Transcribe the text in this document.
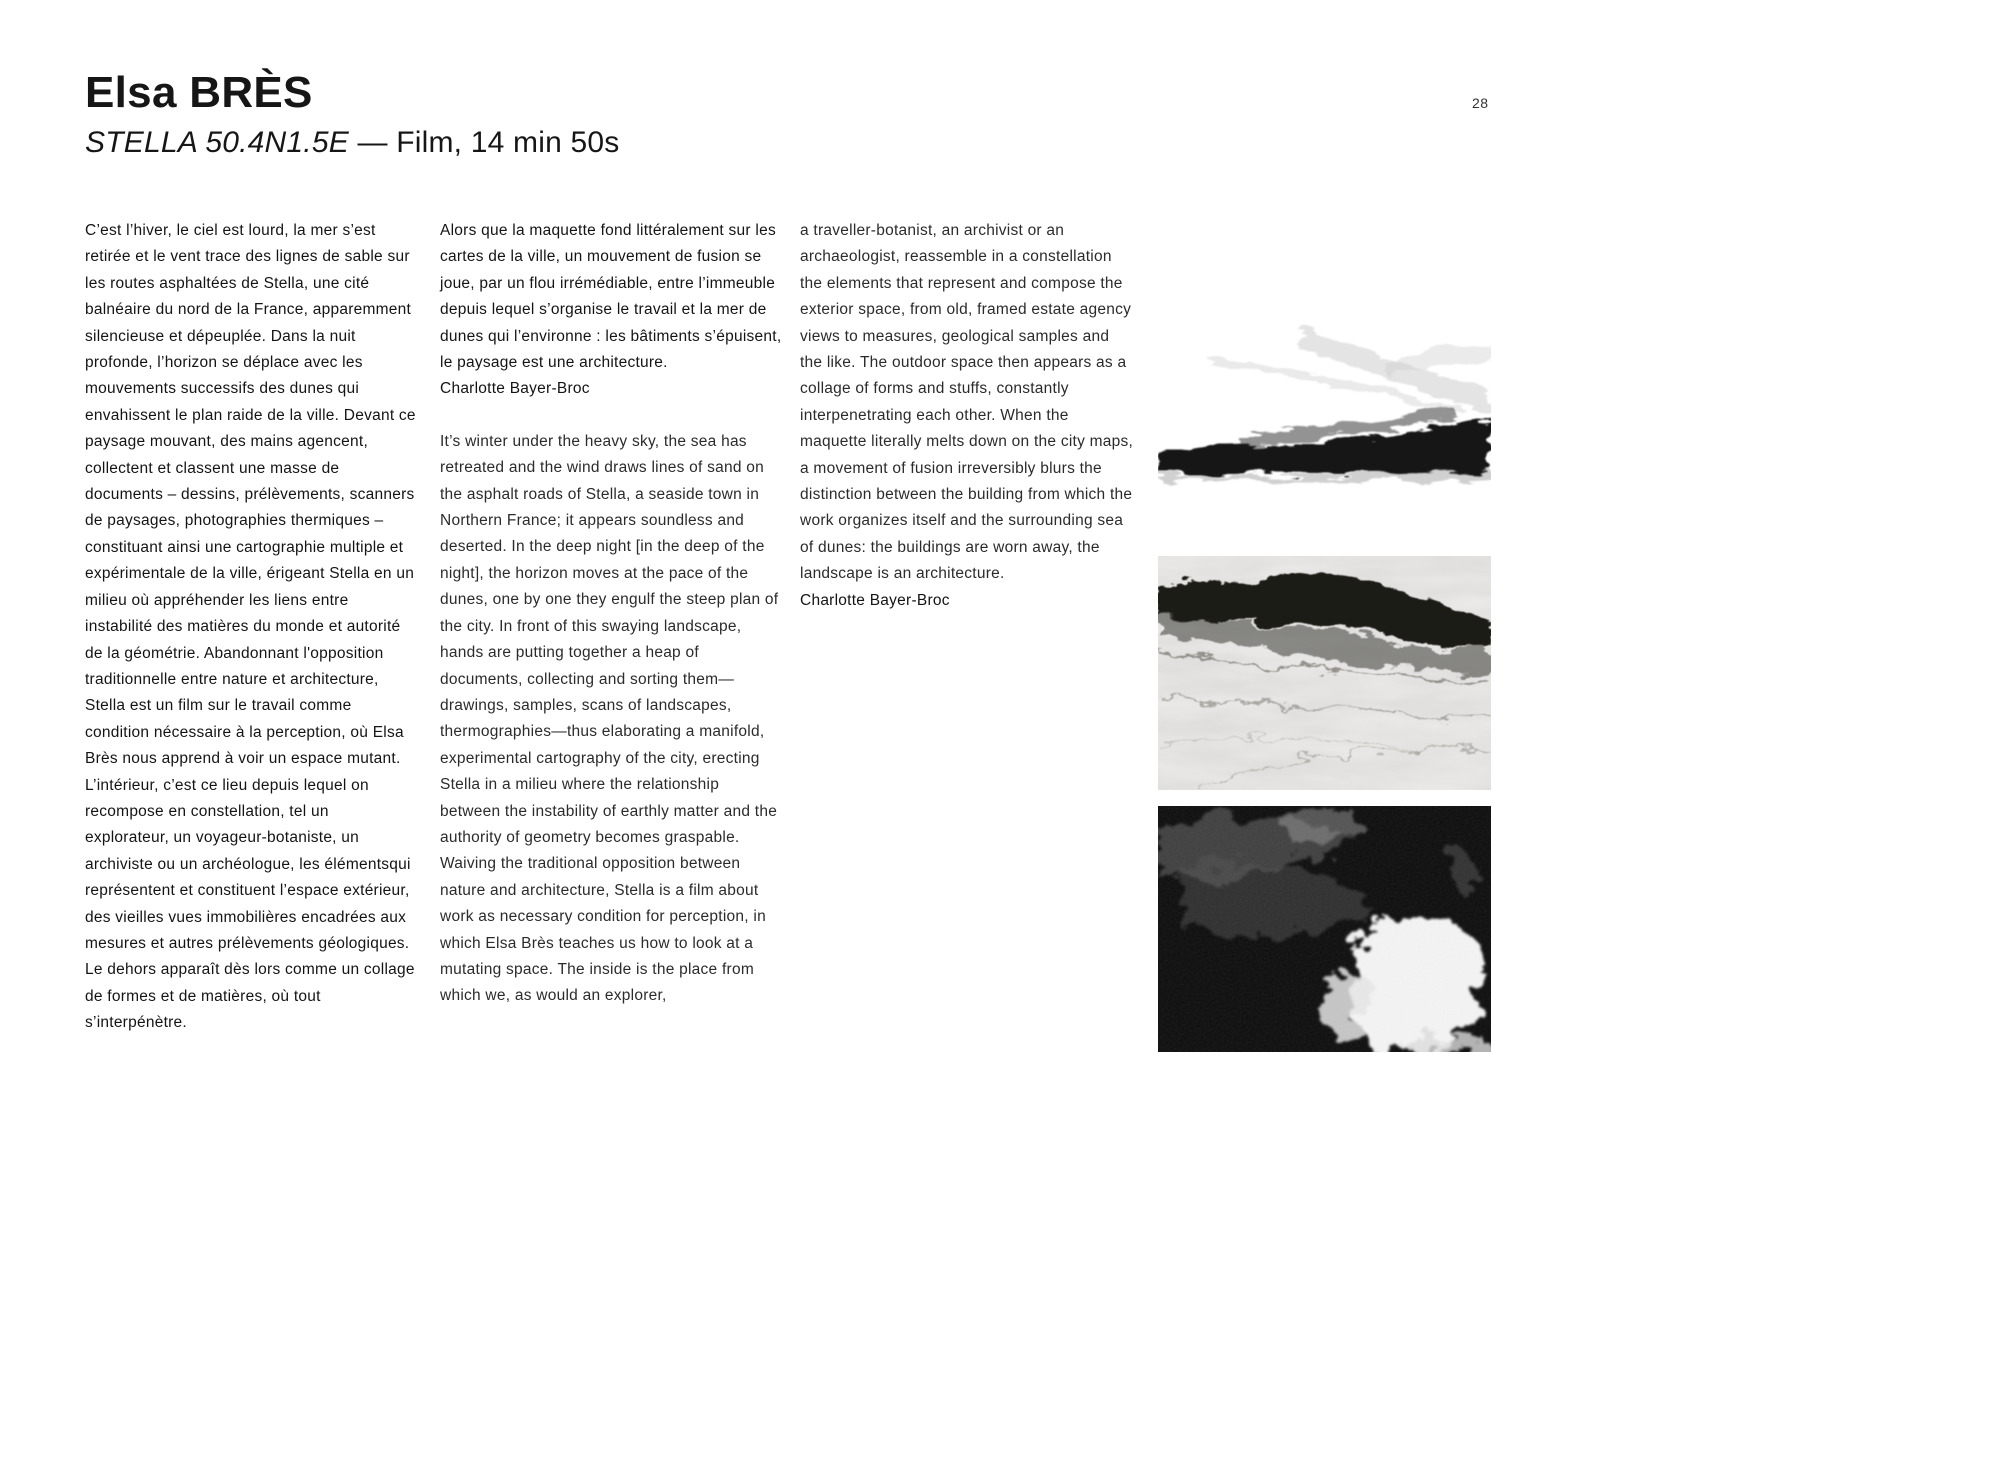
Elsa BRÈS
STELLA 50.4N1.5E — Film, 14 min 50s
28

C’est l’hiver, le ciel est lourd, la mer s’est retirée et le vent trace des lignes de sable sur les routes asphaltées de Stella, une cité balnéaire du nord de la France, apparemment silencieuse et dépeuplée. Dans la nuit profonde, l’horizon se déplace avec les mouvements successifs des dunes qui envahissent le plan raide de la ville. Devant ce paysage mouvant, des mains agencent, collectent et classent une masse de documents – dessins, prélèvements, scanners de paysages, photographies thermiques – constituant ainsi une cartographie multiple et expérimentale de la ville, érigeant Stella en un milieu où appréhender les liens entre instabilité des matières du monde et autorité de la géométrie. Abandonnant l'opposition traditionnelle entre nature et architecture, Stella est un film sur le travail comme condition nécessaire à la perception, où Elsa Brès nous apprend à voir un espace mutant. L’intérieur, c’est ce lieu depuis lequel on recompose en constellation, tel un explorateur, un voyageur-botaniste, un archiviste ou un archéologue, les élémentsqui représentent et constituent l’espace extérieur, des vieilles vues immobilières encadrées aux mesures et autres prélèvements géologiques. Le dehors apparaît dès lors comme un collage de formes et de matières, où tout s’interpénètre.

Alors que la maquette fond littéralement sur les cartes de la ville, un mouvement de fusion se joue, par un flou irrémédiable, entre l’immeuble depuis lequel s’organise le travail et la mer de dunes qui l’environne : les bâtiments s’épuisent, le paysage est une architecture.

Charlotte Bayer-Broc

It’s winter under the heavy sky, the sea has retreated and the wind draws lines of sand on the asphalt roads of Stella, a seaside town in Northern France; it appears soundless and deserted. In the deep night [in the deep of the night], the horizon moves at the pace of the dunes, one by one they engulf the steep plan of the city. In front of this swaying landscape, hands are putting together a heap of documents, collecting and sorting them—drawings, samples, scans of landscapes, thermographies—thus elaborating a manifold, experimental cartography of the city, erecting Stella in a milieu where the relationship between the instability of earthly matter and the authority of geometry becomes graspable. Waiving the traditional opposition between nature and architecture, Stella is a film about work as necessary condition for perception, in which Elsa Brès teaches us how to look at a mutating space. The inside is the place from which we, as would an explorer,

a traveller-botanist, an archivist or an archaeologist, reassemble in a constellation the elements that represent and compose the exterior space, from old, framed estate agency views to measures, geological samples and the like. The outdoor space then appears as a collage of forms and stuffs, constantly interpenetrating each other. When the maquette literally melts down on the city maps, a movement of fusion irreversibly blurs the distinction between the building from which the work organizes itself and the surrounding sea of dunes: the buildings are worn away, the landscape is an architecture.

Charlotte Bayer-Broc
